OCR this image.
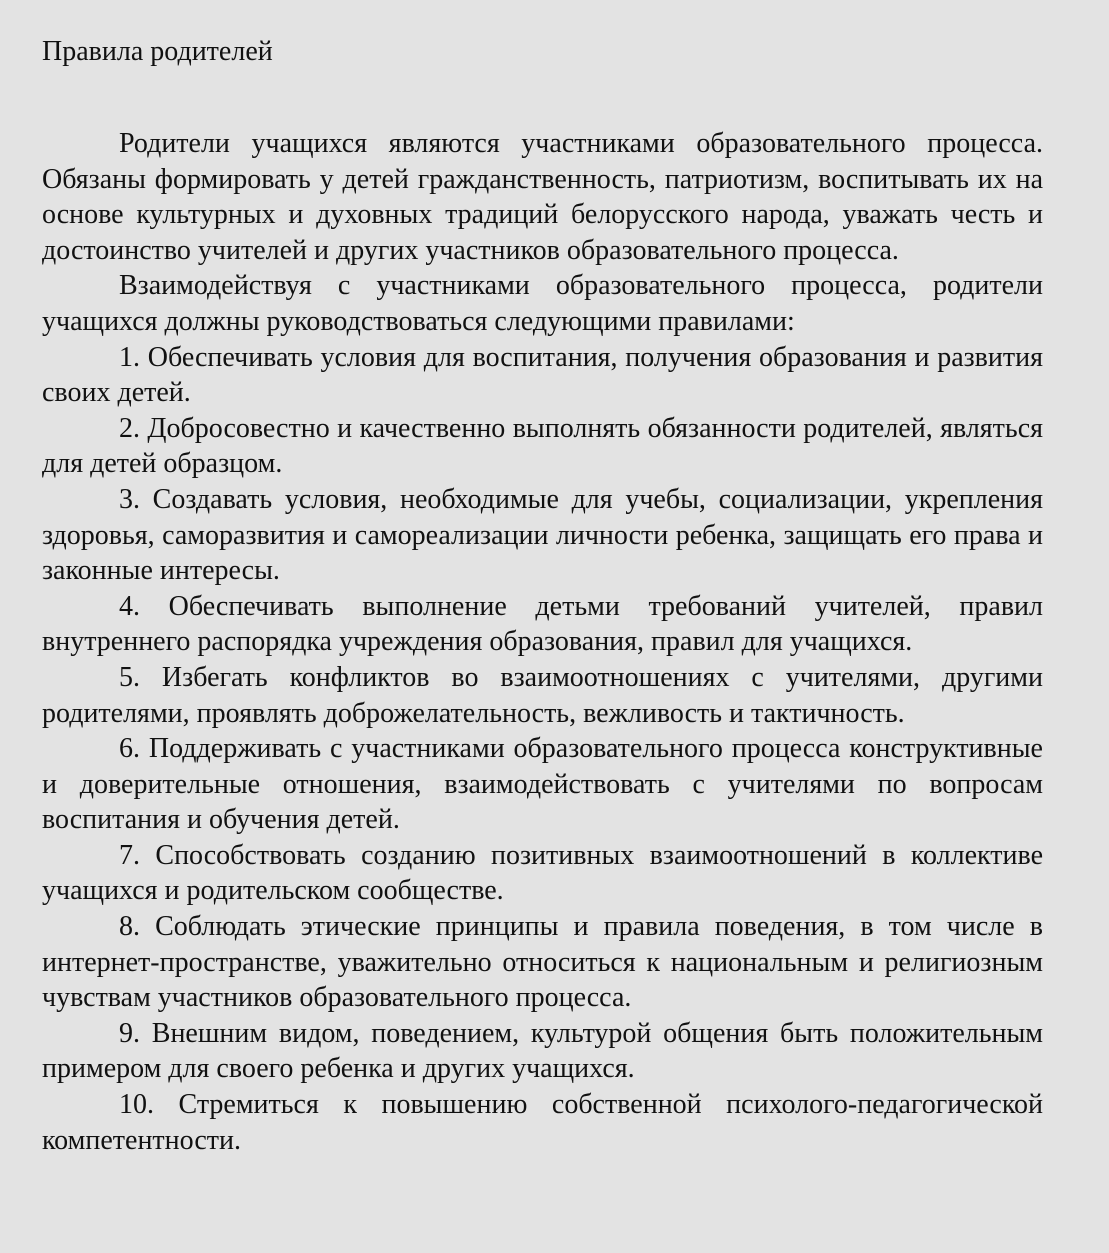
Правила родителей

Родители учащихся являются участниками образовательного процесса. Обязаны формировать у детей гражданственность, патриотизм, воспитывать их на основе культурных и духовных традиций белорусского народа, уважать честь и достоинство учителей и других участников образовательного процесса.

Взаимодействуя с участниками образовательного процесса, родители учащихся должны руководствоваться следующими правилами:

1. Обеспечивать условия для воспитания, получения образования и развития своих детей.

2. Добросовестно и качественно выполнять обязанности родителей, являться для детей образцом.

3. Создавать условия, необходимые для учебы, социализации, укрепления здоровья, саморазвития и самореализации личности ребенка, защищать его права и законные интересы.

4. Обеспечивать выполнение детьми требований учителей, правил внутреннего распорядка учреждения образования, правил для учащихся.

5. Избегать конфликтов во взаимоотношениях с учителями, другими родителями, проявлять доброжелательность, вежливость и тактичность.

6. Поддерживать с участниками образовательного процесса конструктивные и доверительные отношения, взаимодействовать с учителями по вопросам воспитания и обучения детей.

7. Способствовать созданию позитивных взаимоотношений в коллективе учащихся и родительском сообществе.

8. Соблюдать этические принципы и правила поведения, в том числе в интернет-пространстве, уважительно относиться к национальным и религиозным чувствам участников образовательного процесса.

9. Внешним видом, поведением, культурой общения быть положительным примером для своего ребенка и других учащихся.

10. Стремиться к повышению собственной психолого-педагогической компетентности.
